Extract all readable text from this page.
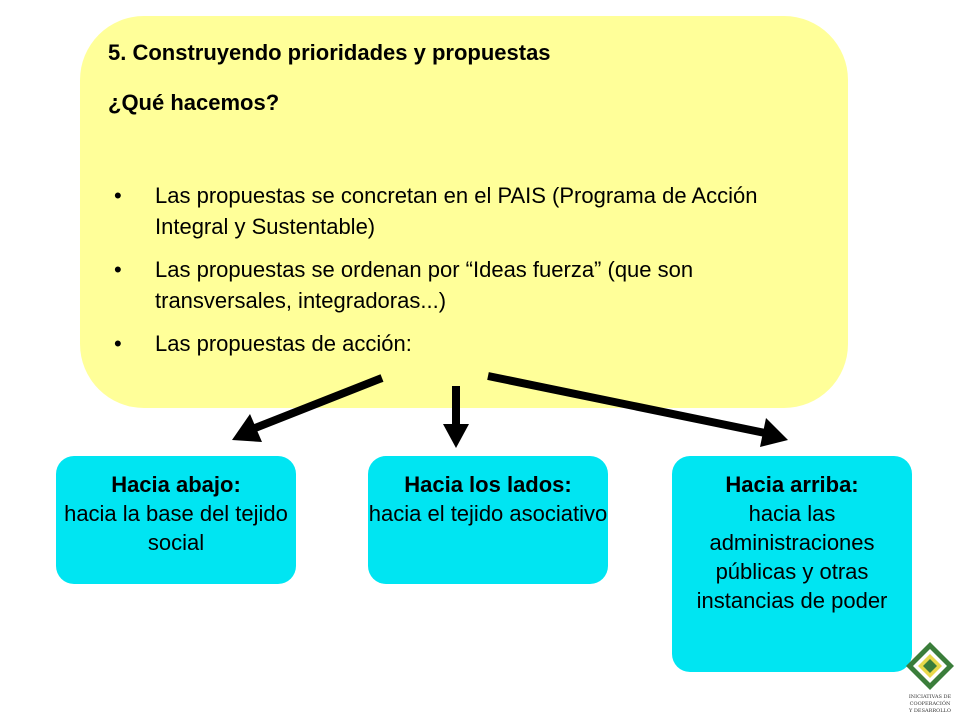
5. Construyendo prioridades y propuestas
¿Qué hacemos?
• Las propuestas se concretan en el PAIS (Programa de Acción Integral y Sustentable)
• Las propuestas se ordenan por “Ideas fuerza” (que son transversales, integradoras...)
• Las propuestas de acción:
Hacia abajo:
hacia la base del tejido social
Hacia los lados:
hacia el tejido asociativo
Hacia arriba:
hacia las administraciones públicas y otras instancias de poder
INICIATIVAS DE
COOPERACIÓN
Y DESARROLLO
